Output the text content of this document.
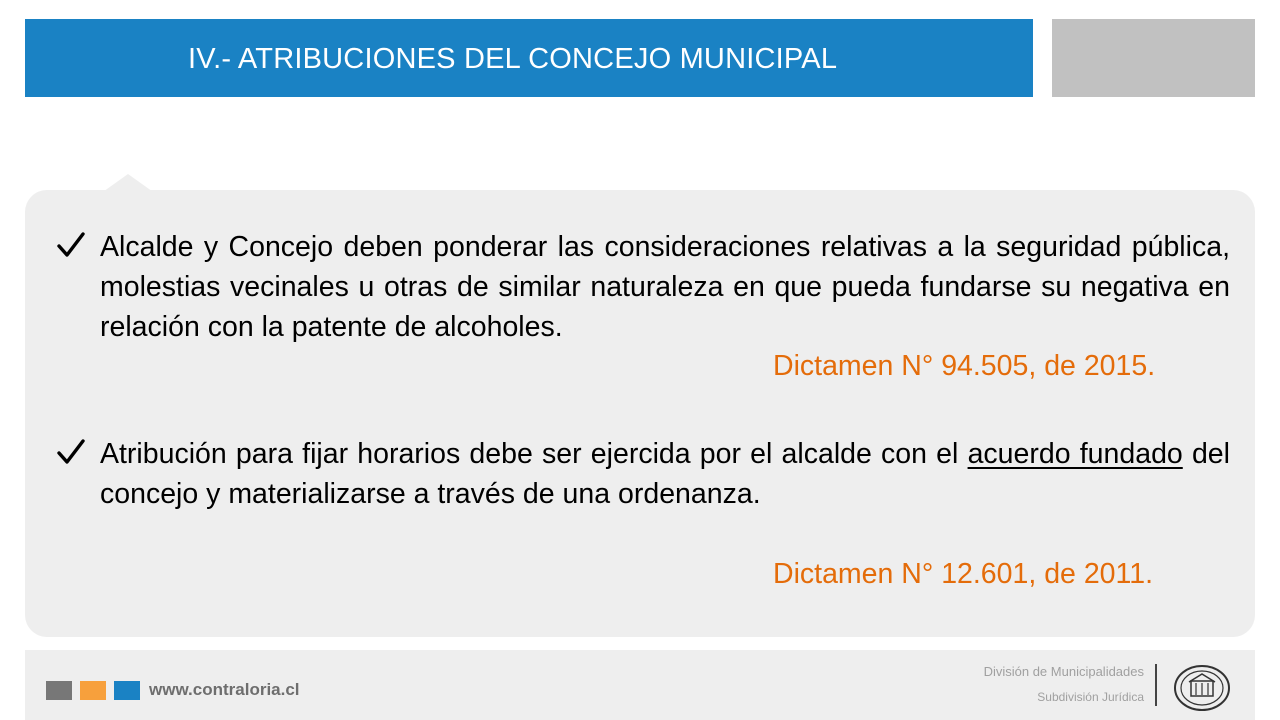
IV.- ATRIBUCIONES DEL CONCEJO MUNICIPAL
Alcalde y Concejo deben ponderar las consideraciones relativas a la seguridad pública, molestias vecinales u otras de similar naturaleza en que pueda fundarse su negativa en relación con la patente de alcoholes.
Dictamen N° 94.505, de 2015.
Atribución para fijar horarios debe ser ejercida por el alcalde con el acuerdo fundado del concejo y materializarse a través de una ordenanza.
Dictamen N° 12.601, de 2011.
www.contraloria.cl
División de Municipalidades
Subdivisión Jurídica
